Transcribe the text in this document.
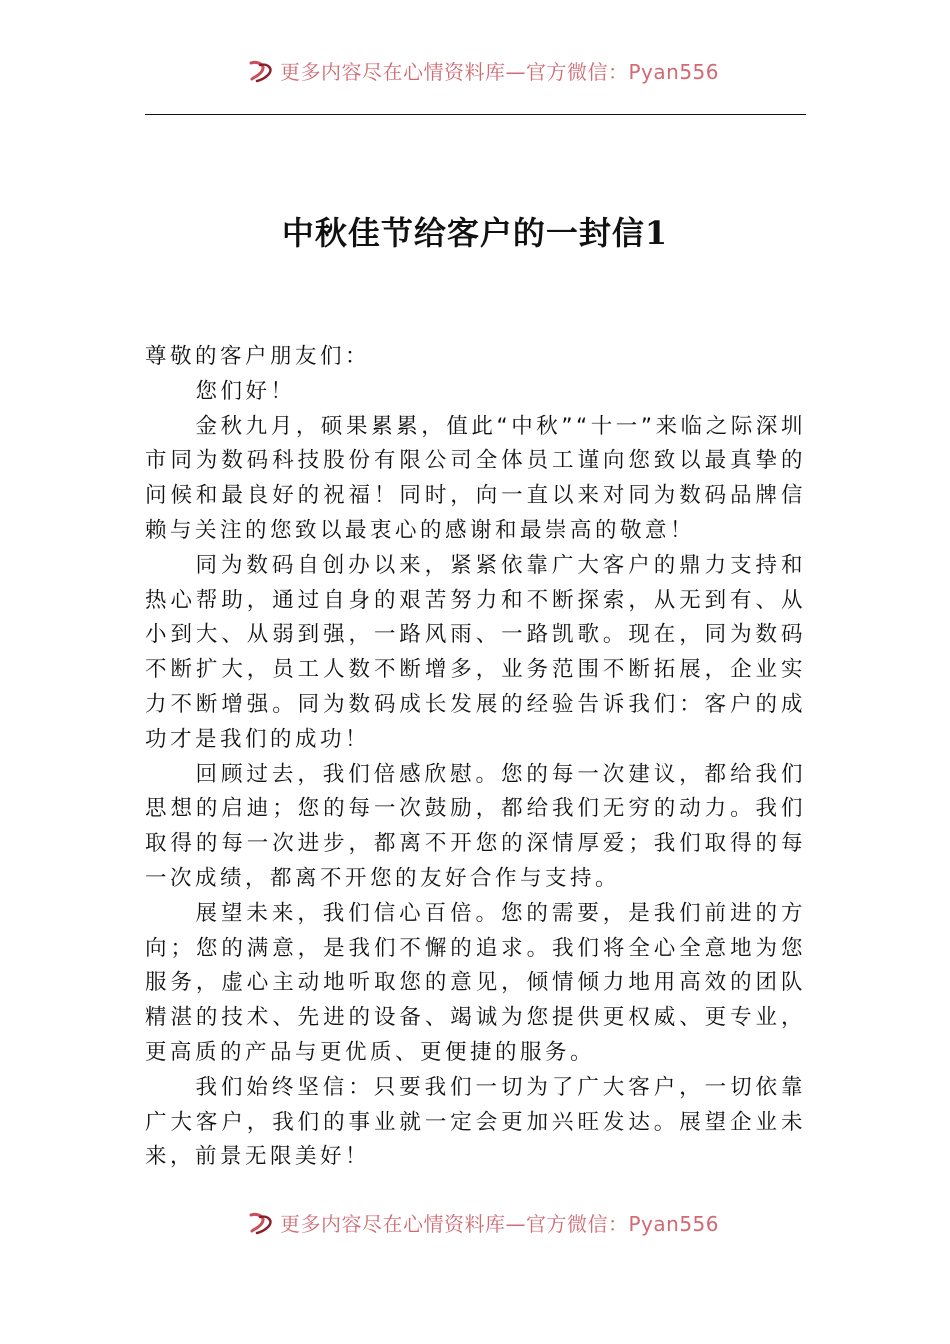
更多内容尽在心情资料库—官方微信：Pyan556
中秋佳节给客户的一封信1

尊敬的客户朋友们：

您们好！

金秋九月，硕果累累，值此“中秋”“十一”来临之际深圳市同为数码科技股份有限公司全体员工谨向您致以最真挚的问候和最良好的祝福！同时，向一直以来对同为数码品牌信赖与关注的您致以最衷心的感谢和最崇高的敬意！

同为数码自创办以来，紧紧依靠广大客户的鼎力支持和热心帮助，通过自身的艰苦努力和不断探索，从无到有、从小到大、从弱到强，一路风雨、一路凯歌。现在，同为数码不断扩大，员工人数不断增多，业务范围不断拓展，企业实力不断增强。同为数码成长发展的经验告诉我们：客户的成功才是我们的成功！

回顾过去，我们倍感欣慰。您的每一次建议，都给我们思想的启迪；您的每一次鼓励，都给我们无穷的动力。我们取得的每一次进步，都离不开您的深情厚爱；我们取得的每一次成绩，都离不开您的友好合作与支持。

展望未来，我们信心百倍。您的需要，是我们前进的方向；您的满意，是我们不懈的追求。我们将全心全意地为您服务，虚心主动地听取您的意见，倾情倾力地用高效的团队精湛的技术、先进的设备、竭诚为您提供更权威、更专业，更高质的产品与更优质、更便捷的服务。

我们始终坚信：只要我们一切为了广大客户，一切依靠广大客户，我们的事业就一定会更加兴旺发达。展望企业未来，前景无限美好！

更多内容尽在心情资料库—官方微信：Pyan556
